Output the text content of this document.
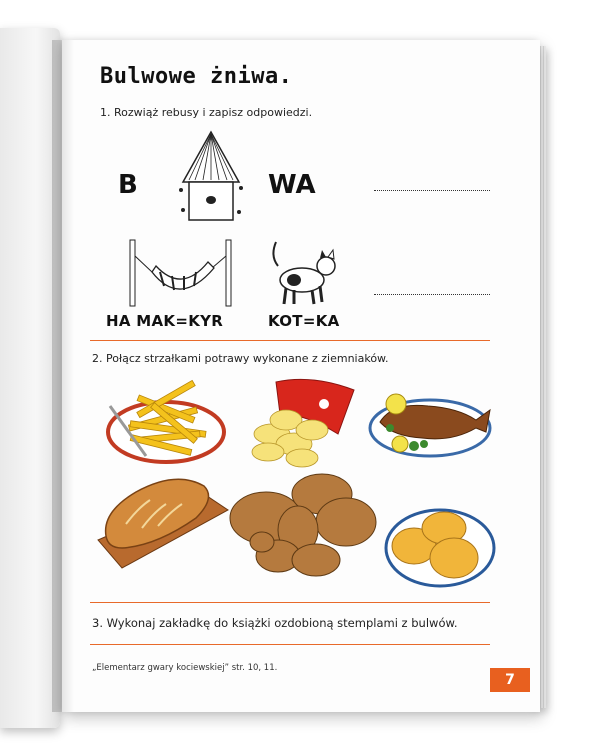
Bulwowe żniwa.
1. Rozwiąż rebusy i zapisz odpowiedzi.
B	WA
HA MAK=KYR	KOT=KA
2. Połącz strzałkami potrawy wykonane z ziemniaków.
3. Wykonaj zakładkę do książki ozdobioną stemplami z bulwów.
„Elementarz gwary kociewskiej” str. 10, 11.
7
